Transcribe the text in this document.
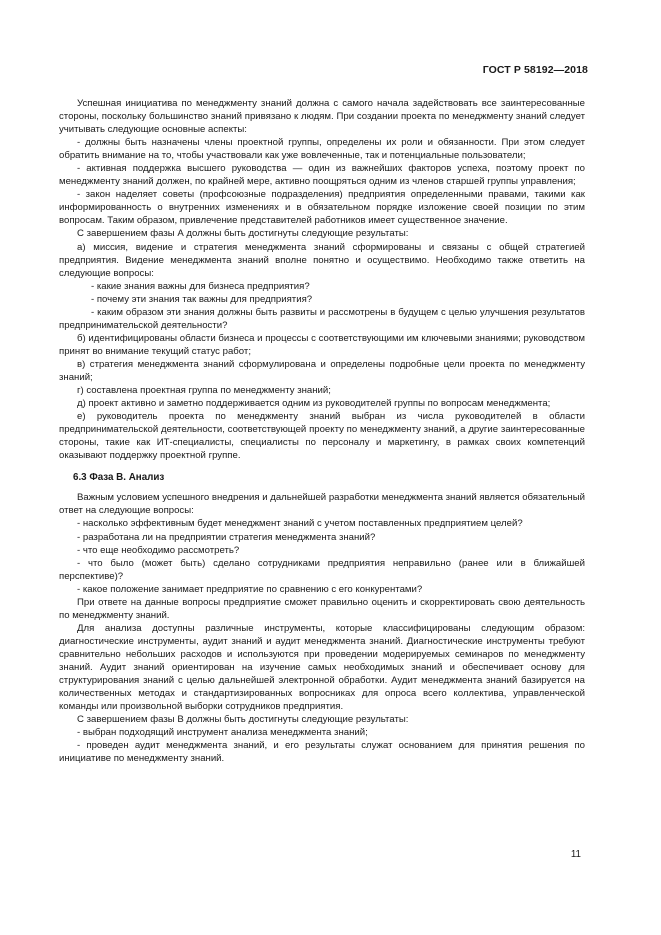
ГОСТ Р 58192—2018

Успешная инициатива по менеджменту знаний должна с самого начала задействовать все заинтересованные стороны, поскольку большинство знаний привязано к людям. При создании проекта по менеджменту знаний следует учитывать следующие основные аспекты:

- должны быть назначены члены проектной группы, определены их роли и обязанности. При этом следует обратить внимание на то, чтобы участвовали как уже вовлеченные, так и потенциальные пользователи;

- активная поддержка высшего руководства — один из важнейших факторов успеха, поэтому проект по менеджменту знаний должен, по крайней мере, активно поощряться одним из членов старшей группы управления;

- закон наделяет советы (профсоюзные подразделения) предприятия определенными правами, такими как информированность о внутренних изменениях и в обязательном порядке изложение своей позиции по этим вопросам. Таким образом, привлечение представителей работников имеет существенное значение.

С завершением фазы А должны быть достигнуты следующие результаты:

а) миссия, видение и стратегия менеджмента знаний сформированы и связаны с общей стратегией предприятия. Видение менеджмента знаний вполне понятно и осуществимо. Необходимо также ответить на следующие вопросы:

- какие знания важны для бизнеса предприятия?

- почему эти знания так важны для предприятия?

- каким образом эти знания должны быть развиты и рассмотрены в будущем с целью улучшения результатов предпринимательской деятельности?

б) идентифицированы области бизнеса и процессы с соответствующими им ключевыми знаниями; руководством принят во внимание текущий статус работ;

в) стратегия менеджмента знаний сформулирована и определены подробные цели проекта по менеджменту знаний;

г) составлена проектная группа по менеджменту знаний;

д) проект активно и заметно поддерживается одним из руководителей группы по вопросам менеджмента;

е) руководитель проекта по менеджменту знаний выбран из числа руководителей в области предпринимательской деятельности, соответствующей проекту по менеджменту знаний, а другие заинтересованные стороны, такие как ИТ-специалисты, специалисты по персоналу и маркетингу, в рамках своих компетенций оказывают поддержку проектной группе.

6.3 Фаза В. Анализ

Важным условием успешного внедрения и дальнейшей разработки менеджмента знаний является обязательный ответ на следующие вопросы:

- насколько эффективным будет менеджмент знаний с учетом поставленных предприятием целей?

- разработана ли на предприятии стратегия менеджмента знаний?

- что еще необходимо рассмотреть?

- что было (может быть) сделано сотрудниками предприятия неправильно (ранее или в ближайшей перспективе)?

- какое положение занимает предприятие по сравнению с его конкурентами?

При ответе на данные вопросы предприятие сможет правильно оценить и скорректировать свою деятельность по менеджменту знаний.

Для анализа доступны различные инструменты, которые классифицированы следующим образом: диагностические инструменты, аудит знаний и аудит менеджмента знаний. Диагностические инструменты требуют сравнительно небольших расходов и используются при проведении модерируемых семинаров по менеджменту знаний. Аудит знаний ориентирован на изучение самых необходимых знаний и обеспечивает основу для структурирования знаний с целью дальнейшей электронной обработки. Аудит менеджмента знаний базируется на количественных методах и стандартизированных вопросниках для опроса всего коллектива, управленческой команды или произвольной выборки сотрудников предприятия.

С завершением фазы В должны быть достигнуты следующие результаты:

- выбран подходящий инструмент анализа менеджмента знаний;

- проведен аудит менеджмента знаний, и его результаты служат основанием для принятия решения по инициативе по менеджменту знаний.

11
